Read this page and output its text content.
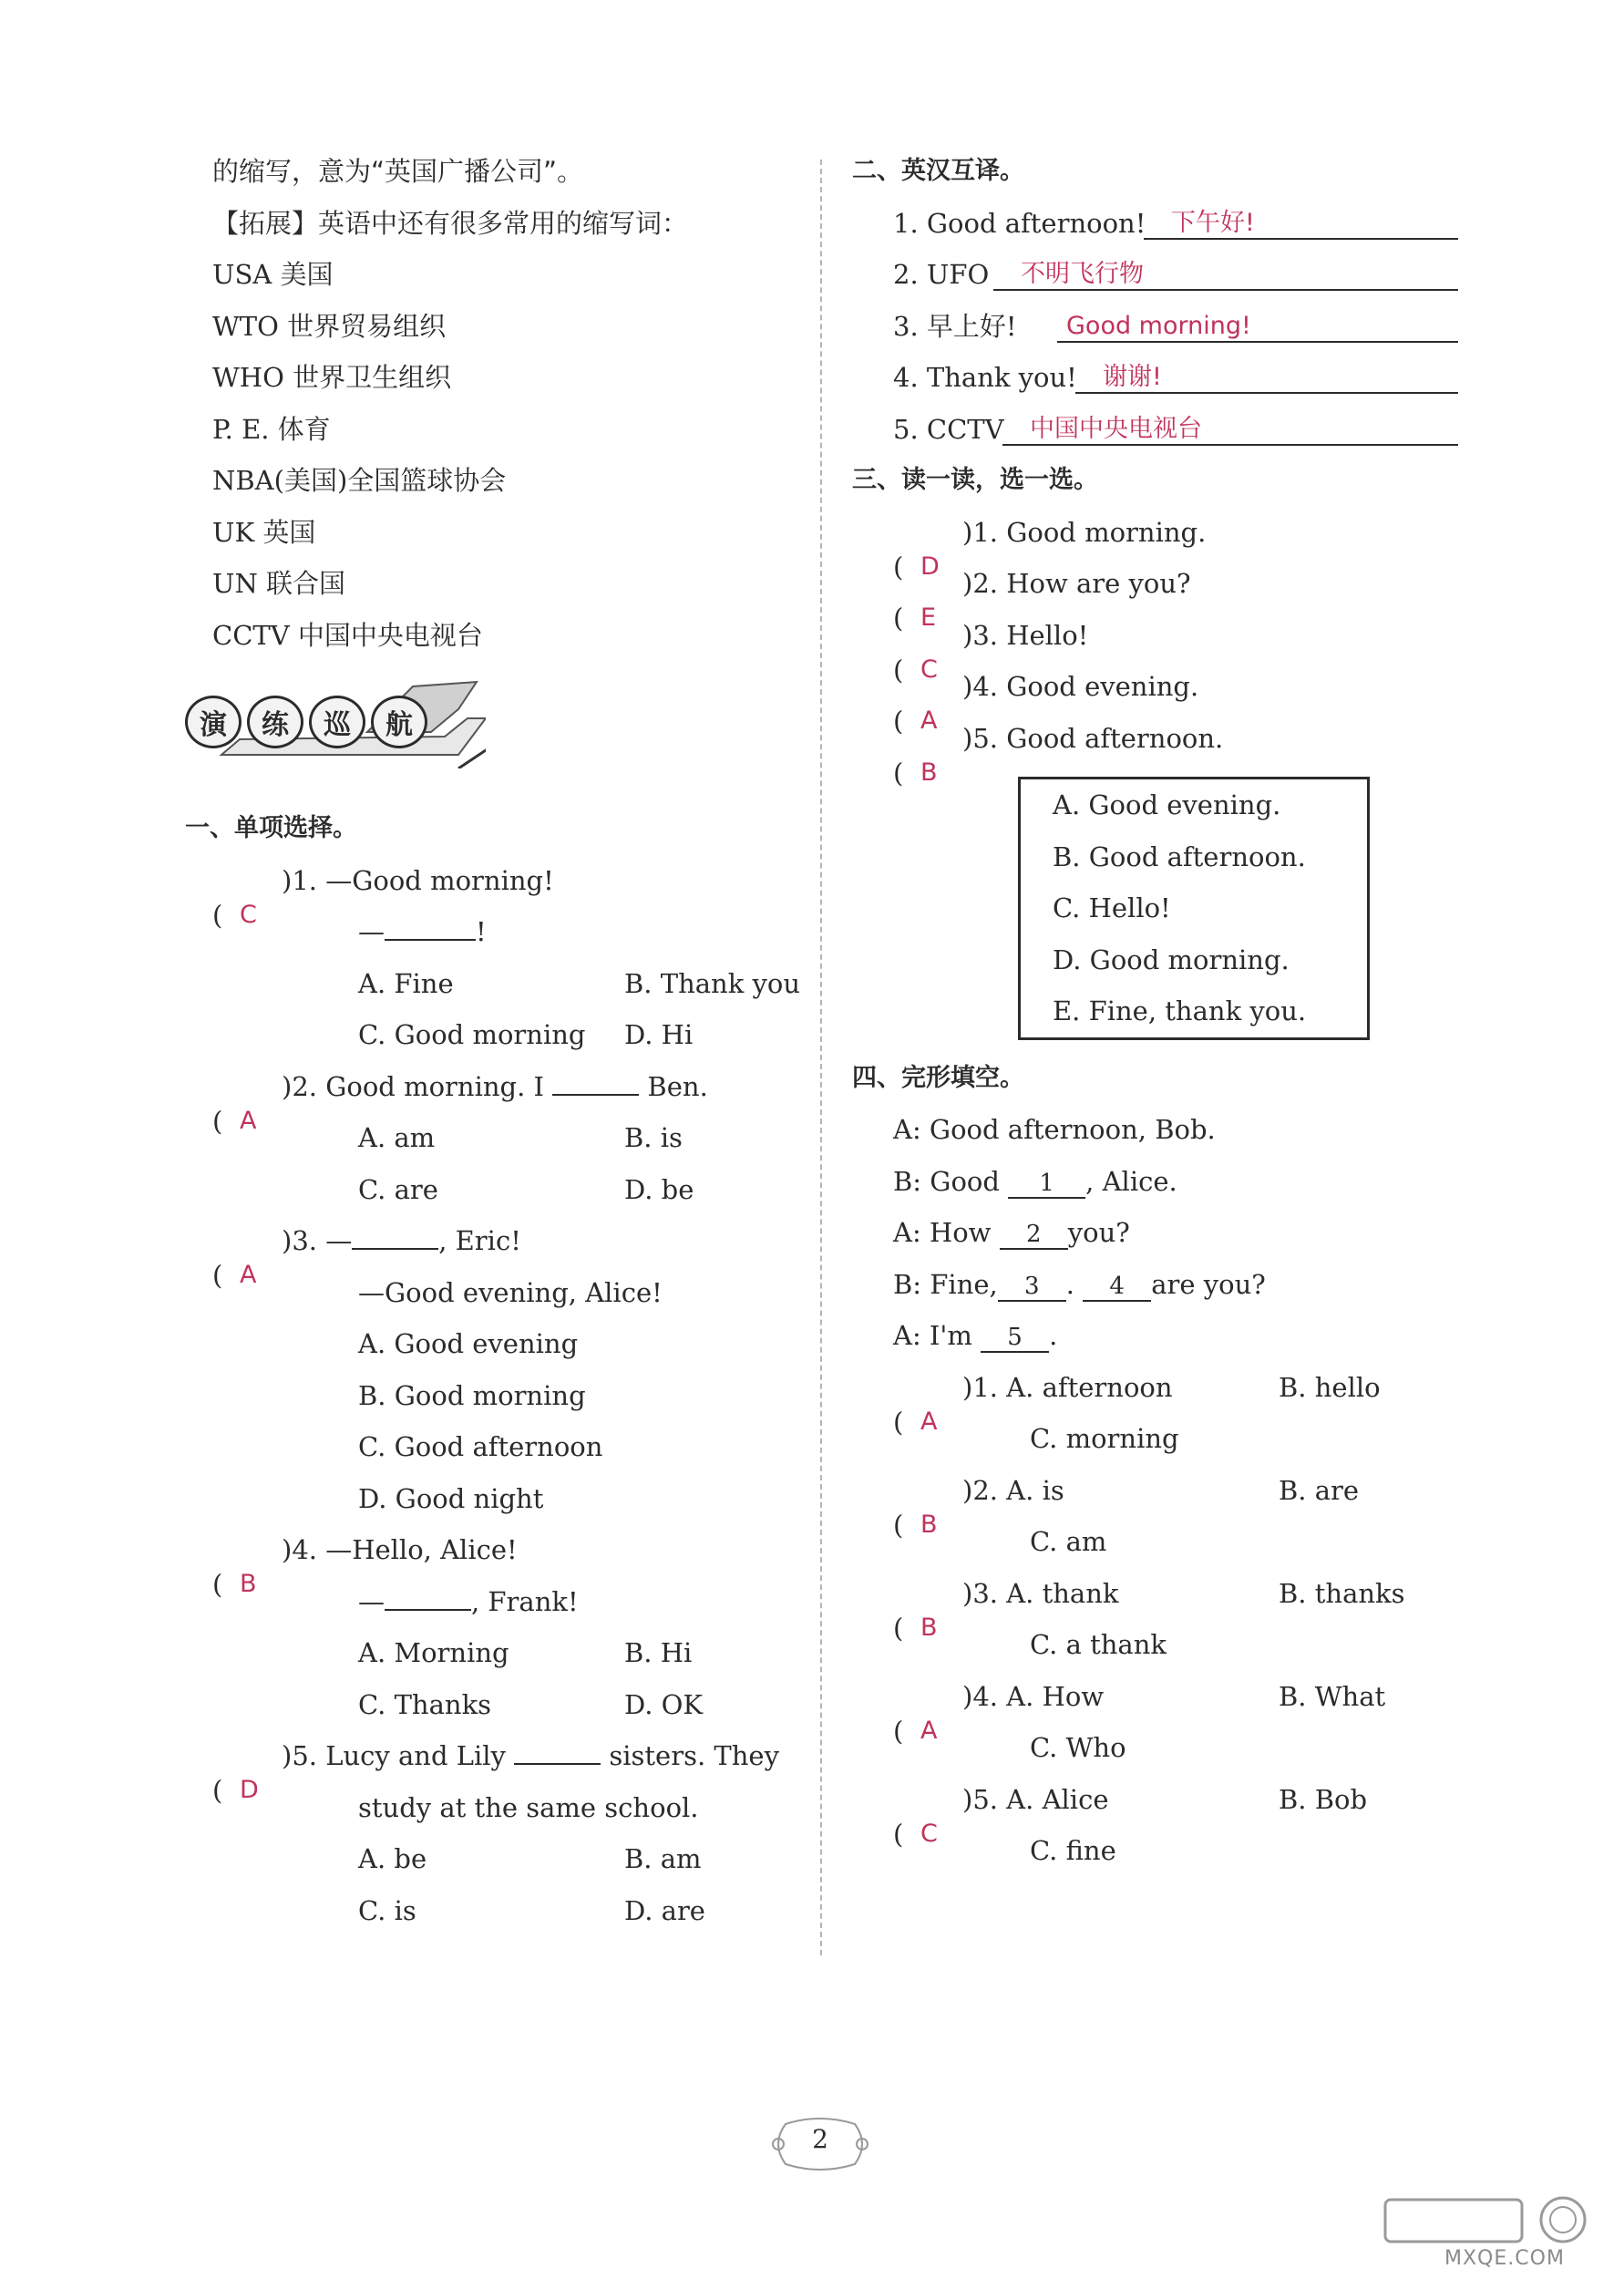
的缩写，意为“英国广播公司”。
【拓展】英语中还有很多常用的缩写词：
USA 美国
WTO 世界贸易组织
WHO 世界卫生组织
P. E. 体育
NBA(美国)全国篮球协会
UK 英国
UN 联合国
CCTV 中国中央电视台
演	练	巡	航
一、单项选择。
( C
)1. —Good morning!
—	!
A. Fine	B. Thank you
C. Good morning D. Hi
( A
)2. Good morning. I	Ben.
A. am	B. is
C. are	D. be
( A
)3. —	, Eric!
—Good evening, Alice!
A. Good evening
B. Good morning
C. Good afternoon
D. Good night
( B
)4. —Hello, Alice!
—	, Frank!
A. Morning	B. Hi
C. Thanks	D. OK
( D
)5. Lucy and Lily	sisters. They
study at the same school.
A. be	B. am
C. is	D. are
二、英汉互译。
1. Good afternoon!	下午好!
2. UFO	不明飞行物
3. 早上好!	Good morning!
4. Thank you!	谢谢!
5. CCTV	中国中央电视台
三、读一读，选一选。
( D
)1. Good morning.
( E
)2. How are you?
( C
)3. Hello!
( A
)4. Good evening.
( B
)5. Good afternoon.
A. Good evening.
B. Good afternoon.
C. Hello!
D. Good morning.
E. Fine, thank you.
四、完形填空。
A: Good afternoon, Bob.
B: Good 1 , Alice.
A: How 2 you?
B: Fine, 3 . 4 are you?
A: I'm 5 .
( A
)1. A. afternoon	B. hello
C. morning
( B
)2. A. is	B. are
C. am
( B
)3. A. thank	B. thanks
C. a thank
( A
)4. A. How	B. What
C. Who
( C
)5. A. Alice	B. Bob
C. fine
2
MXQE.COM
